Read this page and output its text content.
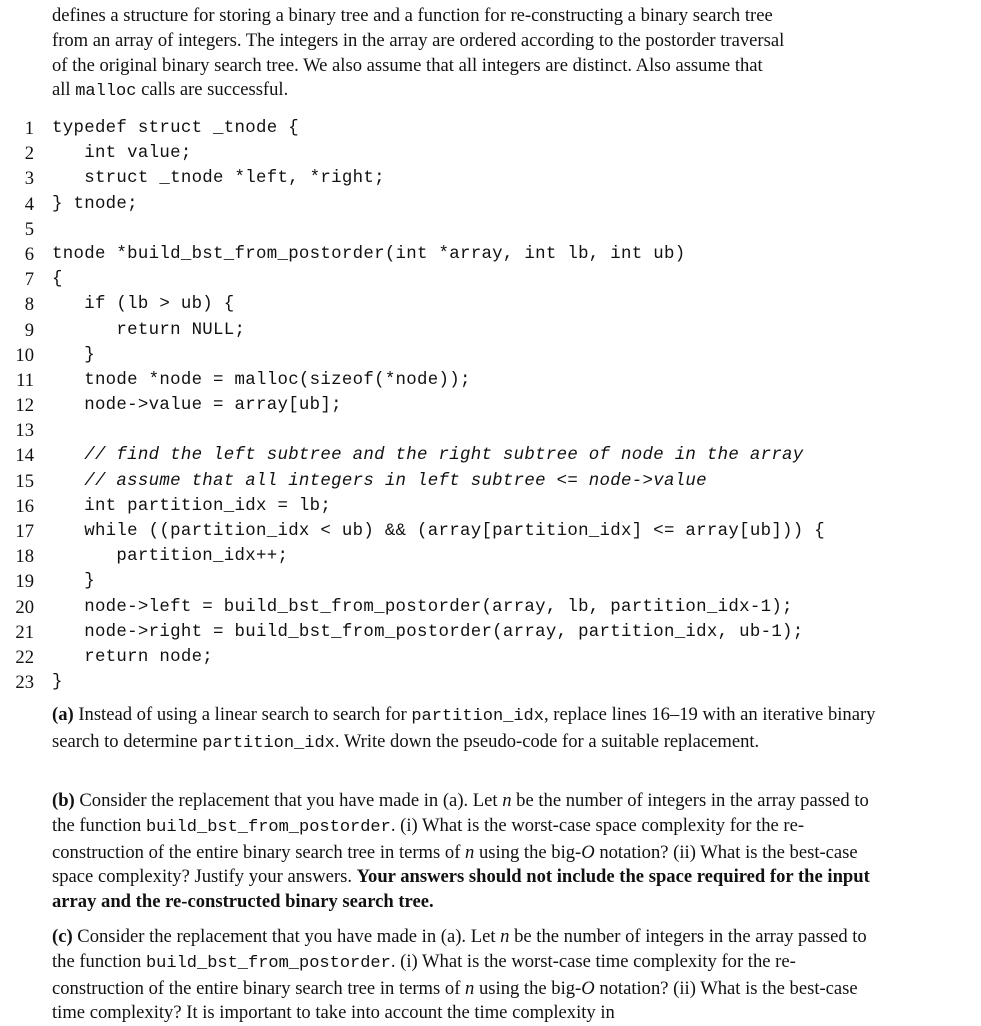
defines a structure for storing a binary tree and a function for re-constructing a binary search tree

from an array of integers. The integers in the array are ordered according to the postorder traversal

of the original binary search tree. We also assume that all integers are distinct. Also assume that

all malloc calls are successful.

1 typedef struct _tnode {
2 int value;
3 struct _tnode *left, *right;
4 } tnode;
5
6 tnode *build_bst_from_postorder(int *array, int lb, int ub)
7 {
8 if (lb > ub) {
9 return NULL;
10 }
11 tnode *node = malloc(sizeof(*node));
12 node->value = array[ub];
13
14 // find the left subtree and the right subtree of node in the array
15 // assume that all integers in left subtree <= node->value
16 int partition_idx = lb;
17 while ((partition_idx < ub) && (array[partition_idx] <= array[ub])) {
18 partition_idx++;
19 }
20 node->left = build_bst_from_postorder(array, lb, partition_idx-1);
21 node->right = build_bst_from_postorder(array, partition_idx, ub-1);
22 return node;
23 }

(a) Instead of using a linear search to search for partition_idx, replace lines 16–19 with an iterative binary search to determine partition_idx. Write down the pseudo-code for a suitable replacement.

(b) Consider the replacement that you have made in (a). Let n be the number of integers in the array passed to the function build_bst_from_postorder. (i) What is the worst-case space complexity for the re-construction of the entire binary search tree in terms of n using the big-O notation? (ii) What is the best-case space complexity? Justify your answers. Your answers should not include the space required for the input array and the re-constructed binary search tree.

(c) Consider the replacement that you have made in (a). Let n be the number of integers in the array passed to the function build_bst_from_postorder. (i) What is the worst-case time complexity for the re-construction of the entire binary search tree in terms of n using the big-O notation? (ii) What is the best-case time complexity? It is important to take into account the time complexity in
